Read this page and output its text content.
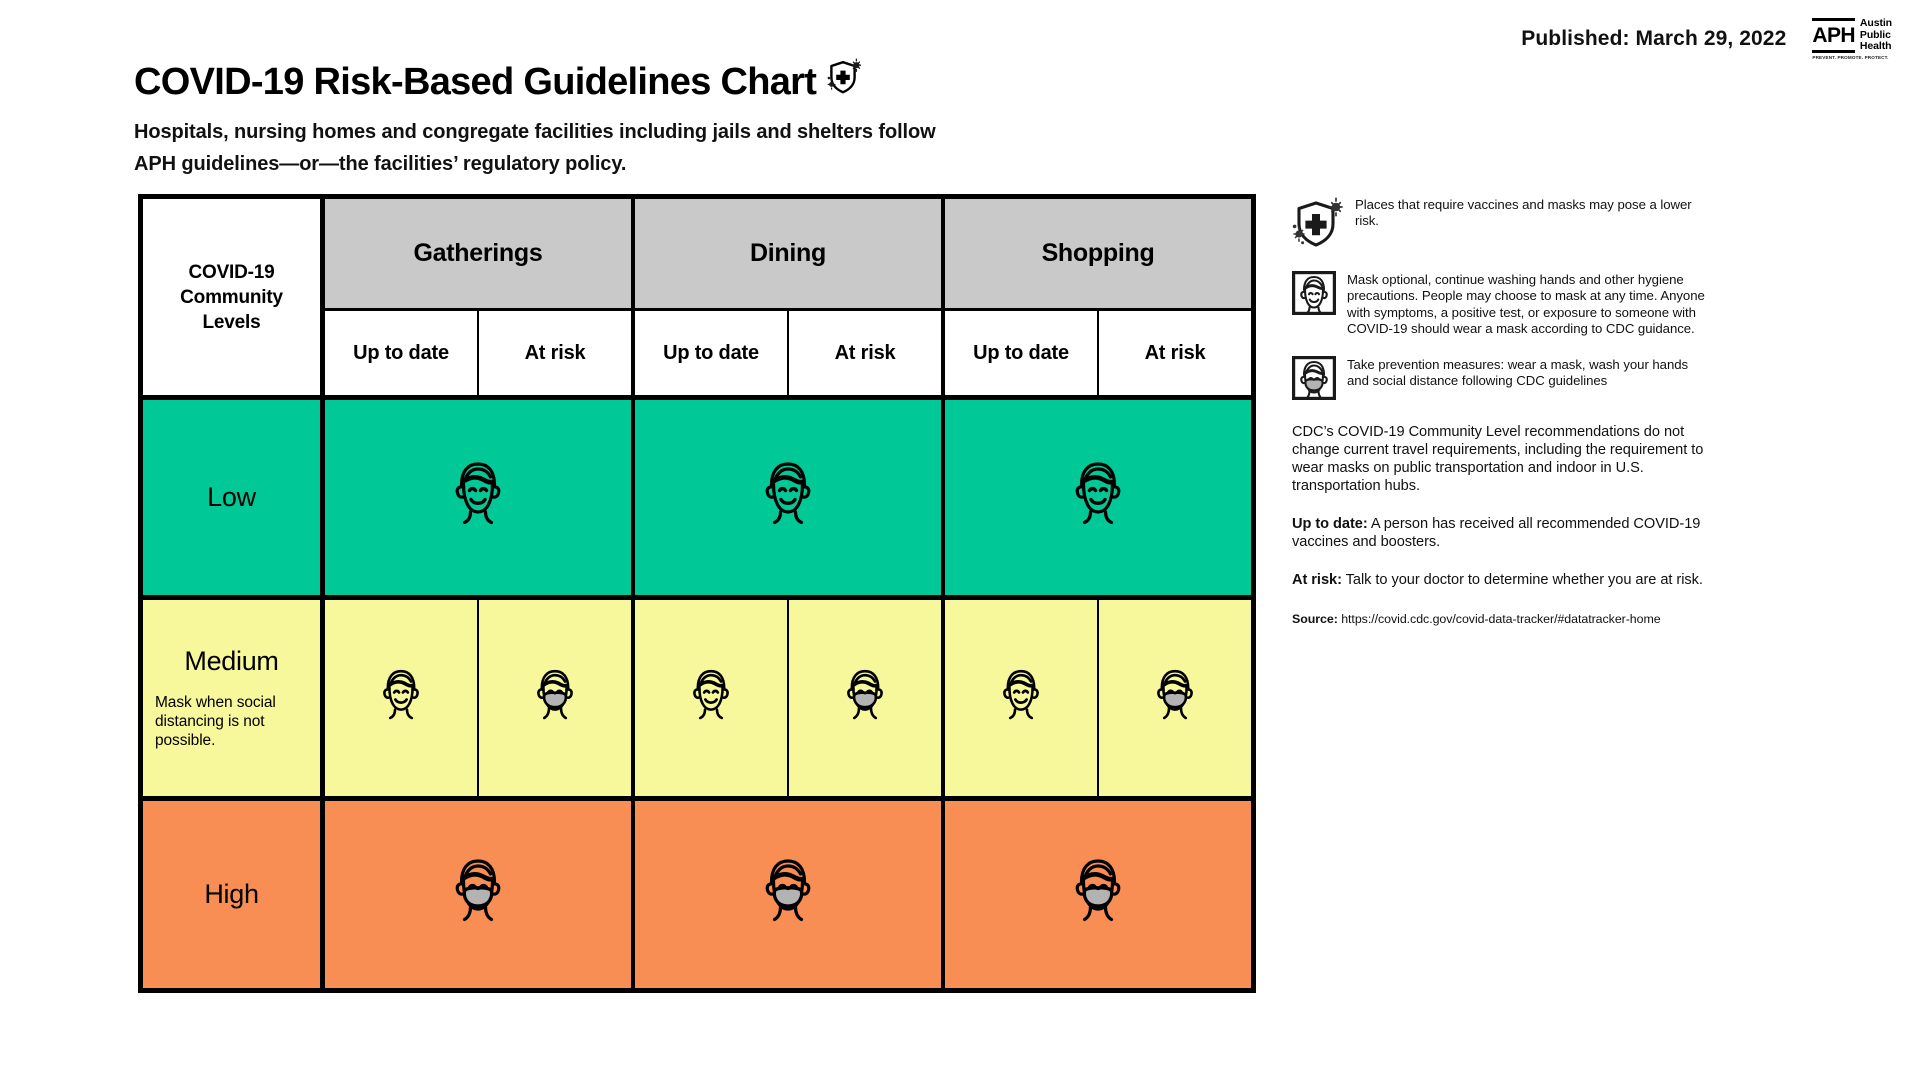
Published: March 29, 2022 APH
Austin
Public
Health
PREVENT. PROMOTE. PROTECT.
COVID-19 Risk-Based Guidelines Chart
Hospitals, nursing homes and congregate facilities including jails and shelters follow APH guidelines—or—the facilities’ regulatory policy.
COVID-19 Community Levels
Gatherings	Dining	Shopping
Up to date	At risk	Up to date	At risk	Up to date	At risk
Low
Medium
Mask when social distancing is not possible.
High
Places that require vaccines and masks may pose a lower risk.
Mask optional, continue washing hands and other hygiene precautions. People may choose to mask at any time. Anyone with symptoms, a positive test, or exposure to someone with COVID-19 should wear a mask according to CDC guidance.
Take prevention measures: wear a mask, wash your hands and social distance following CDC guidelines
CDC’s COVID-19 Community Level recommendations do not change current travel requirements, including the requirement to wear masks on public transportation and indoor in U.S. transportation hubs.
Up to date: A person has received all recommended COVID-19 vaccines and boosters.
At risk: Talk to your doctor to determine whether you are at risk.
Source: https://covid.cdc.gov/covid-data-tracker/#datatracker-home
